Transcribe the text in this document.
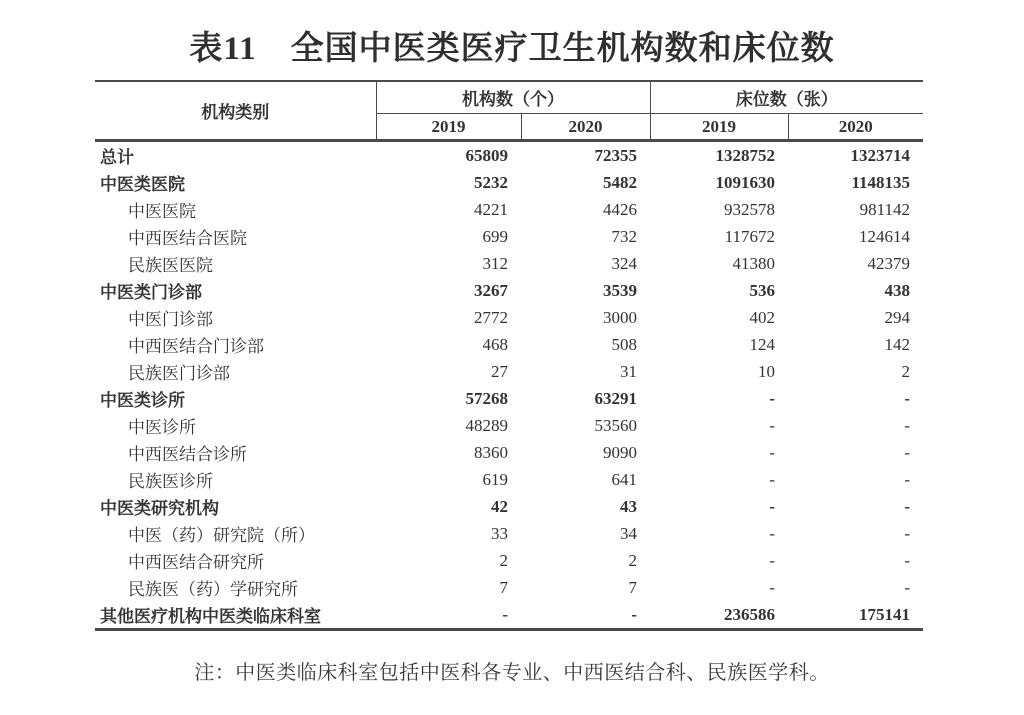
表11　全国中医类医疗卫生机构数和床位数
机构类别	机构数（个）		床位数（张）	
	2019	2020	2019	2020
总计	65809	72355	1328752	1323714
中医类医院	5232	5482	1091630	1148135
中医医院	4221	4426	932578	981142
中西医结合医院	699	732	117672	124614
民族医医院	312	324	41380	42379
中医类门诊部	3267	3539	536	438
中医门诊部	2772	3000	402	294
中西医结合门诊部	468	508	124	142
民族医门诊部	27	31	10	2
中医类诊所	57268	63291	-	-
中医诊所	48289	53560	-	-
中西医结合诊所	8360	9090	-	-
民族医诊所	619	641	-	-
中医类研究机构	42	43	-	-
中医（药）研究院（所）	33	34	-	-
中西医结合研究所	2	2	-	-
民族医（药）学研究所	7	7	-	-
其他医疗机构中医类临床科室	-	-	236586	175141
注：中医类临床科室包括中医科各专业、中西医结合科、民族医学科。
